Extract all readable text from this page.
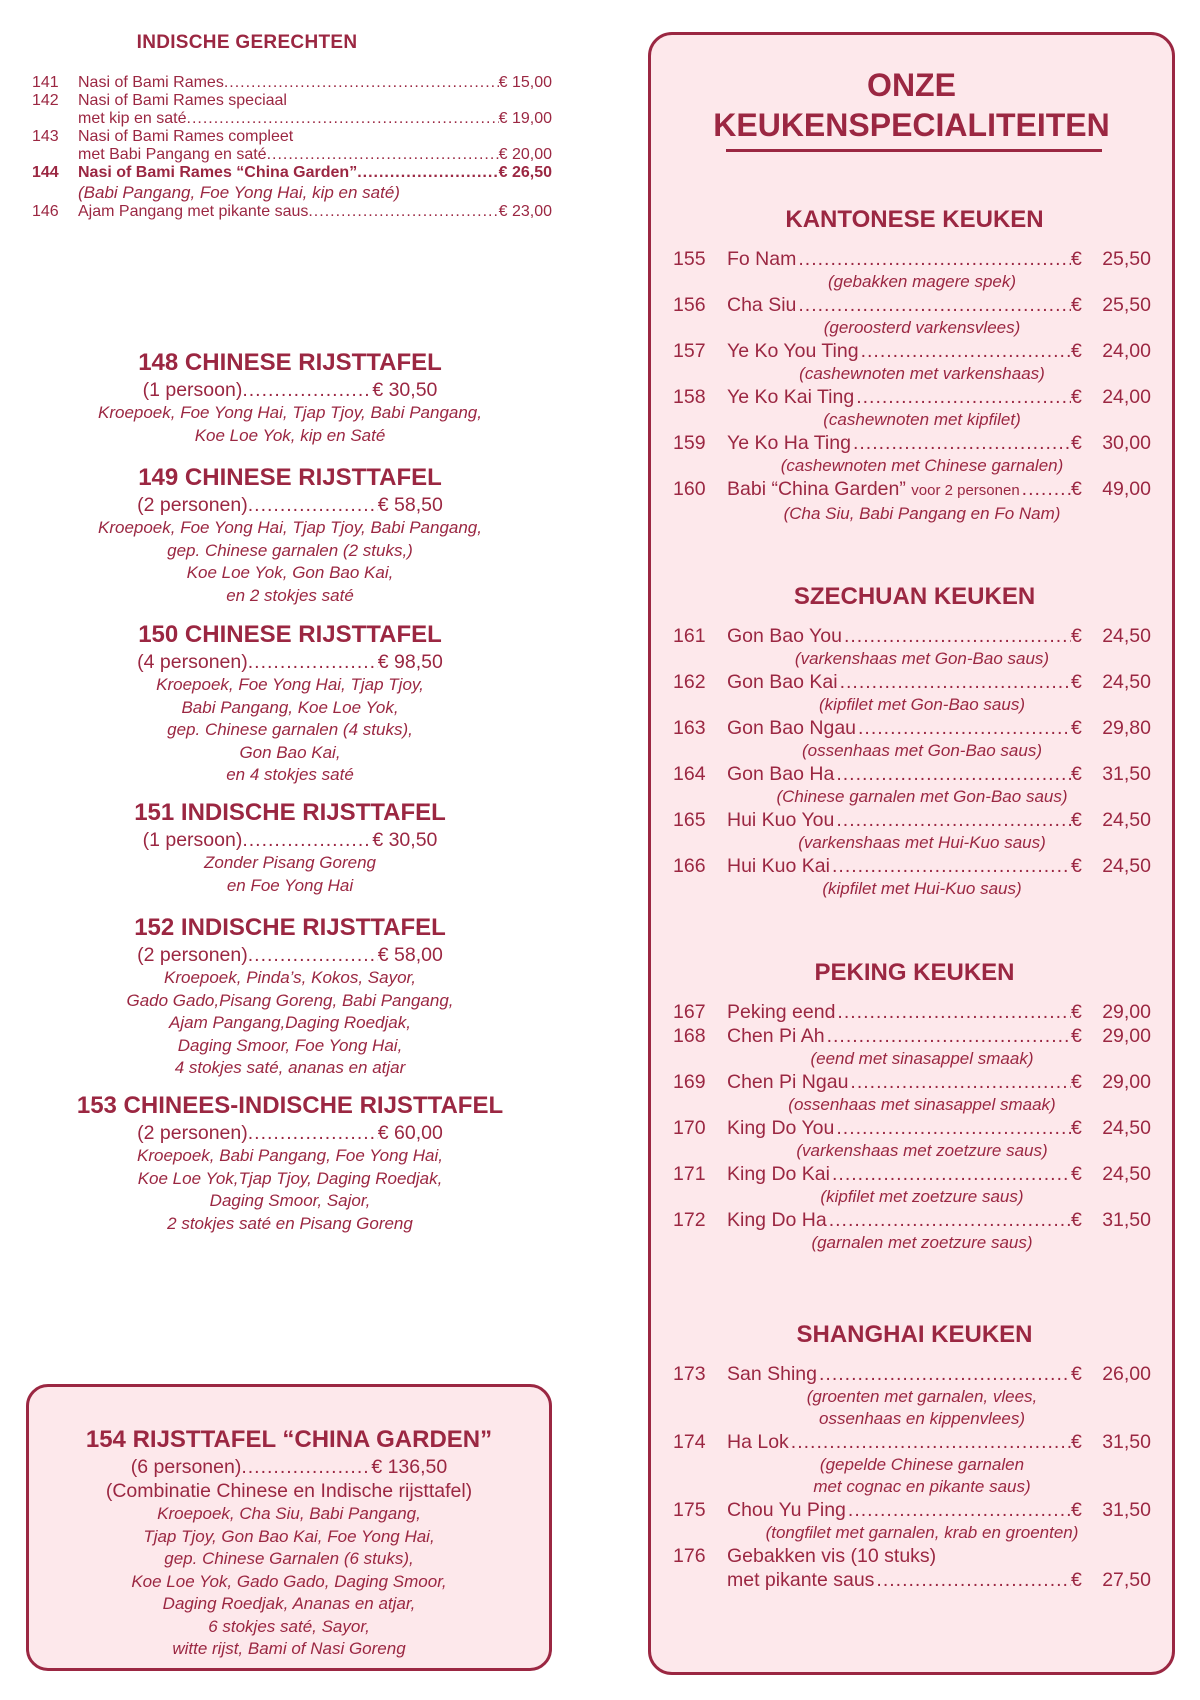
INDISCHE GERECHTEN
141	Nasi of Bami Rames .....	€ 15,00
142	Nasi of Bami Rames speciaal
met kip en saté .....	€ 19,00
143	Nasi of Bami Rames compleet
met Babi Pangang en saté .....	€ 20,00
144	Nasi of Bami Rames “China Garden” .....	€ 26,50
(Babi Pangang, Foe Yong Hai, kip en saté)
146	Ajam Pangang met pikante saus .....	€ 23,00
148 CHINESE RIJSTTAFEL
(1 persoon) .....	€ 30,50
Kroepoek, Foe Yong Hai, Tjap Tjoy, Babi Pangang,
Koe Loe Yok, kip en Saté
149 CHINESE RIJSTTAFEL
(2 personen) .....	€ 58,50
Kroepoek, Foe Yong Hai, Tjap Tjoy, Babi Pangang,
gep. Chinese garnalen (2 stuks,)
Koe Loe Yok, Gon Bao Kai,
en 2 stokjes saté
150 CHINESE RIJSTTAFEL
(4 personen) .....	€ 98,50
Kroepoek, Foe Yong Hai, Tjap Tjoy,
Babi Pangang, Koe Loe Yok,
gep. Chinese garnalen (4 stuks),
Gon Bao Kai,
en 4 stokjes saté
151 INDISCHE RIJSTTAFEL
(1 persoon) .....	€ 30,50
Zonder Pisang Goreng
en Foe Yong Hai
152 INDISCHE RIJSTTAFEL
(2 personen) .....	€ 58,00
Kroepoek, Pinda’s, Kokos, Sayor,
Gado Gado,Pisang Goreng, Babi Pangang,
Ajam Pangang,Daging Roedjak,
Daging Smoor, Foe Yong Hai,
4 stokjes saté, ananas en atjar
153 CHINEES-INDISCHE RIJSTTAFEL
(2 personen) .....	€ 60,00
Kroepoek, Babi Pangang, Foe Yong Hai,
Koe Loe Yok,Tjap Tjoy, Daging Roedjak,
Daging Smoor, Sajor,
2 stokjes saté en Pisang Goreng
154 RIJSTTAFEL “CHINA GARDEN”
(6 personen) .....	€ 136,50
(Combinatie Chinese en Indische rijsttafel)
Kroepoek, Cha Siu, Babi Pangang,
Tjap Tjoy, Gon Bao Kai, Foe Yong Hai,
gep. Chinese Garnalen (6 stuks),
Koe Loe Yok, Gado Gado, Daging Smoor,
Daging Roedjak, Ananas en atjar,
6 stokjes saté, Sayor,
witte rijst, Bami of Nasi Goreng
ONZE
KEUKENSPECIALITEITEN
KANTONESE KEUKEN
155	Fo Nam .....	€ 25,50
(gebakken magere spek)
156	Cha Siu .....	€ 25,50
(geroosterd varkensvlees)
157	Ye Ko You Ting .....	€ 24,00
(cashewnoten met varkenshaas)
158	Ye Ko Kai Ting .....	€ 24,00
(cashewnoten met kipfilet)
159	Ye Ko Ha Ting .....	€ 30,00
(cashewnoten met Chinese garnalen)
160	Babi “China Garden” voor 2 personen .....	€ 49,00
(Cha Siu, Babi Pangang en Fo Nam)
SZECHUAN KEUKEN
161	Gon Bao You .....	€ 24,50
(varkenshaas met Gon-Bao saus)
162	Gon Bao Kai .....	€ 24,50
(kipfilet met Gon-Bao saus)
163	Gon Bao Ngau .....	€ 29,80
(ossenhaas met Gon-Bao saus)
164	Gon Bao Ha .....	€ 31,50
(Chinese garnalen met Gon-Bao saus)
165	Hui Kuo You .....	€ 24,50
(varkenshaas met Hui-Kuo saus)
166	Hui Kuo Kai .....	€ 24,50
(kipfilet met Hui-Kuo saus)
PEKING KEUKEN
167	Peking eend .....	€ 29,00
168	Chen Pi Ah .....	€ 29,00
(eend met sinasappel smaak)
169	Chen Pi Ngau .....	€ 29,00
(ossenhaas met sinasappel smaak)
170	King Do You .....	€ 24,50
(varkenshaas met zoetzure saus)
171	King Do Kai .....	€ 24,50
(kipfilet met zoetzure saus)
172	King Do Ha .....	€ 31,50
(garnalen met zoetzure saus)
SHANGHAI KEUKEN
173	San Shing .....	€ 26,00
(groenten met garnalen, vlees,
ossenhaas en kippenvlees)
174	Ha Lok .....	€ 31,50
(gepelde Chinese garnalen
met cognac en pikante saus)
175	Chou Yu Ping .....	€ 31,50
(tongfilet met garnalen, krab en groenten)
176	Gebakken vis (10 stuks)
met pikante saus .....	€ 27,50
